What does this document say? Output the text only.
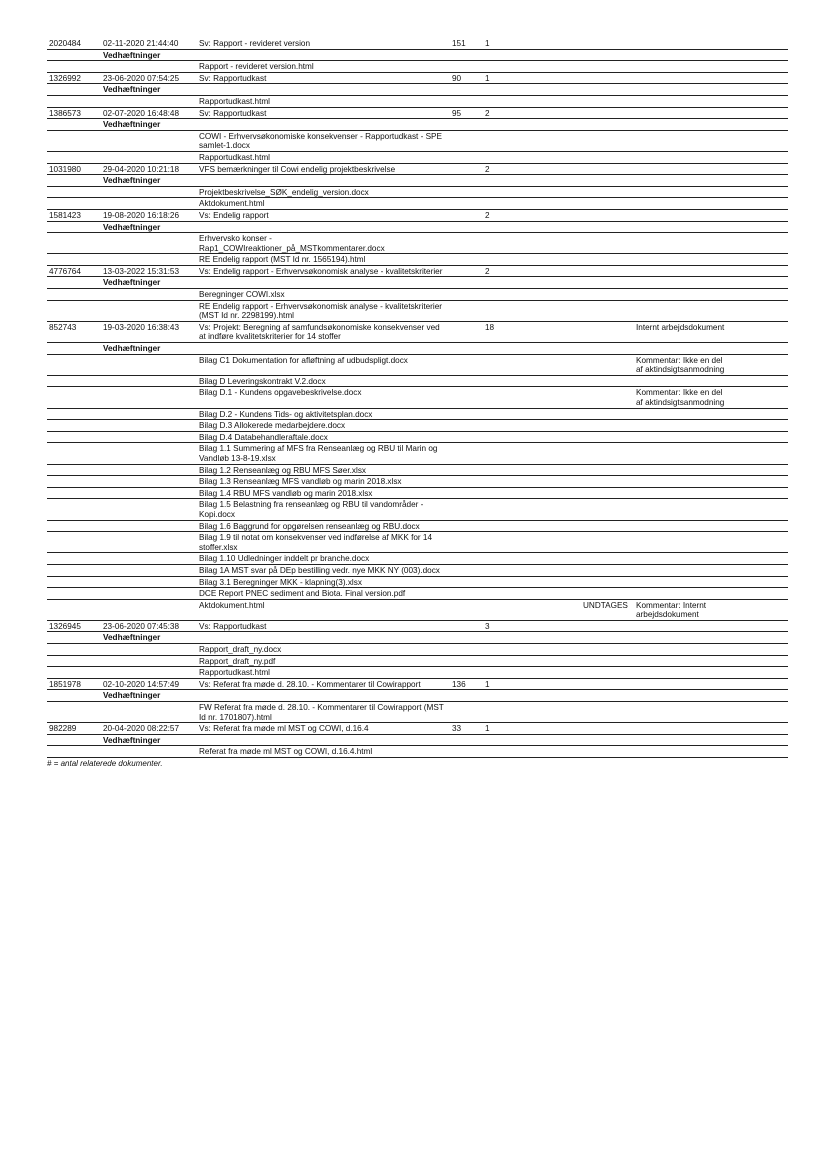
2020484	02-11-2020 21:44:40	Sv: Rapport - revideret version	151	1			
	Vedhæftninger						
		Rapport - revideret version.html					
1326992	23-06-2020 07:54:25	Sv: Rapportudkast	90	1			
	Vedhæftninger						
		Rapportudkast.html					
1386573	02-07-2020 16:48:48	Sv: Rapportudkast	95	2			
	Vedhæftninger						
		COWI - Erhvervsøkonomiske konsekvenser - Rapportudkast - SPE samlet-1.docx					
		Rapportudkast.html					
1031980	29-04-2020 10:21:18	VFS bemærkninger til Cowi endelig projektbeskrivelse		2			
	Vedhæftninger						
		Projektbeskrivelse_SØK_endelig_version.docx					
		Aktdokument.html					
1581423	19-08-2020 16:18:26	Vs: Endelig rapport		2			
	Vedhæftninger						
		Erhvervsko konser - Rap1_COWIreaktioner_på_MSTkommentarer.docx					
		RE Endelig rapport (MST Id nr. 1565194).html					
4776764	13-03-2022 15:31:53	Vs: Endelig rapport - Erhvervsøkonomisk analyse - kvalitetskriterier		2			
	Vedhæftninger						
		Beregninger COWI.xlsx					
		RE Endelig rapport - Erhvervsøkonomisk analyse - kvalitetskriterier (MST Id nr. 2298199).html					
852743	19-03-2020 16:38:43	Vs: Projekt: Beregning af samfundsøkonomiske konsekvenser ved at indføre kvalitetskriterier for 14 stoffer		18		Internt arbejdsdokument	
	Vedhæftninger						
		Bilag C1 Dokumentation for afløftning af udbudspligt.docx				Kommentar: Ikke en del af aktindsigtsanmodning	
		Bilag D Leveringskontrakt V.2.docx					
		Bilag D.1 - Kundens opgavebeskrivelse.docx				Kommentar: Ikke en del af aktindsigtsanmodning	
		Bilag D.2 - Kundens Tids- og aktivitetsplan.docx					
		Bilag D.3 Allokerede medarbejdere.docx					
		Bilag D.4 Databehandleraftale.docx					
		Bilag 1.1 Summering af MFS fra Renseanlæg og RBU til Marin og Vandløb 13-8-19.xlsx					
		Bilag 1.2 Renseanlæg og RBU MFS Søer.xlsx					
		Bilag 1.3 Renseanlæg MFS vandløb og marin 2018.xlsx					
		Bilag 1.4 RBU MFS vandløb og marin 2018.xlsx					
		Bilag 1.5 Belastning fra renseanlæg og RBU til vandområder - Kopi.docx					
		Bilag 1.6 Baggrund for opgørelsen renseanlæg og RBU.docx					
		Bilag 1.9 til notat om konsekvenser ved indførelse af MKK for 14 stoffer.xlsx					
		Bilag 1.10 Udledninger inddelt pr branche.docx					
		Bilag 1A MST svar på DEp bestilling vedr. nye MKK NY (003).docx					
		Bilag 3.1 Beregninger MKK - klapning(3).xlsx					
		DCE Report PNEC sediment and Biota. Final version.pdf					
		Aktdokument.html			UNDTAGES	Kommentar: Internt arbejdsdokument	
1326945	23-06-2020 07:45:38	Vs: Rapportudkast		3			
	Vedhæftninger						
		Rapport_draft_ny.docx					
		Rapport_draft_ny.pdf					
		Rapportudkast.html					
1851978	02-10-2020 14:57:49	Vs: Referat fra møde d. 28.10. - Kommentarer til Cowirapport	136	1			
	Vedhæftninger						
		FW Referat fra møde d. 28.10. - Kommentarer til Cowirapport (MST Id nr. 1701807).html					
982289	20-04-2020 08:22:57	Vs: Referat fra møde ml MST og COWI, d.16.4	33	1			
	Vedhæftninger						
		Referat fra møde ml MST og COWI, d.16.4.html					
# = antal relaterede dokumenter.
